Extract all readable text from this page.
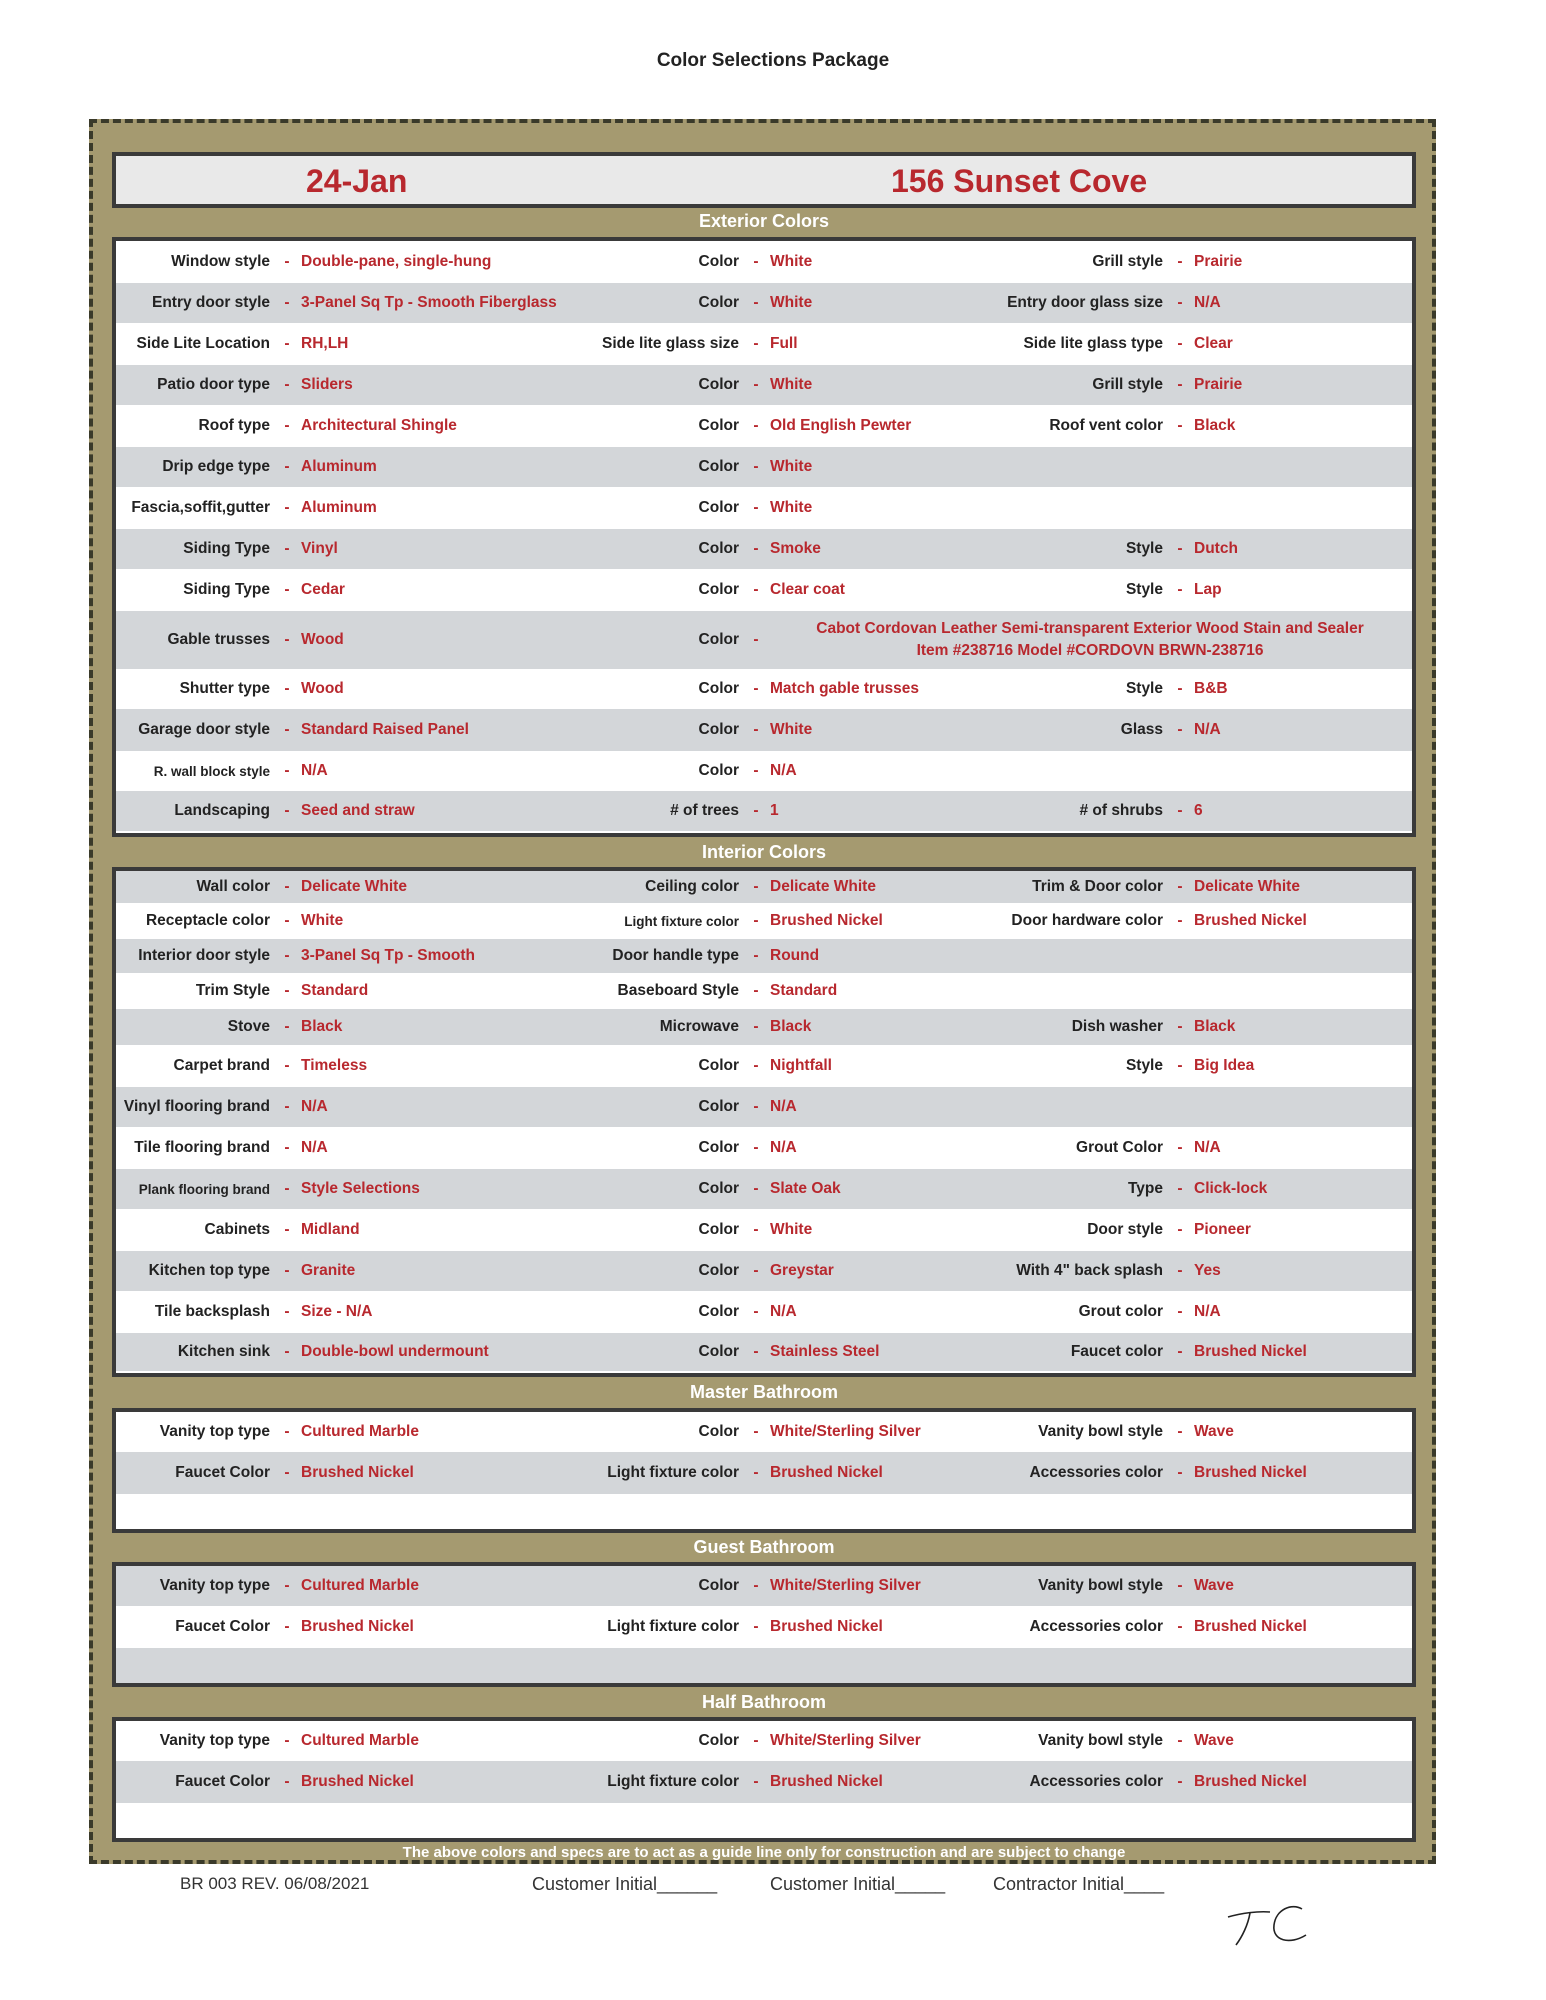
Color Selections Package
24-Jan	156 Sunset Cove
Exterior Colors
Window style - Double-pane, single-hung	Color - White	Grill style - Prairie
Entry door style - 3-Panel Sq Tp - Smooth Fiberglass	Color - White	Entry door glass size - N/A
Side Lite Location - RH,LH	Side lite glass size - Full	Side lite glass type - Clear
Patio door type - Sliders	Color - White	Grill style - Prairie
Roof type - Architectural Shingle	Color - Old English Pewter	Roof vent color - Black
Drip edge type - Aluminum	Color - White
Fascia,soffit,gutter - Aluminum	Color - White
Siding Type - Vinyl	Color - Smoke	Style - Dutch
Siding Type - Cedar	Color - Clear coat	Style - Lap
Gable trusses - Wood	Color -
Cabot Cordovan Leather Semi-transparent Exterior Wood Stain and Sealer
Item #238716 Model #CORDOVN BRWN-238716
Shutter type - Wood	Color - Match gable trusses	Style - B&B
Garage door style - Standard Raised Panel	Color - White	Glass - N/A
R. wall block style - N/A	Color - N/A
Landscaping - Seed and straw	# of trees - 1	# of shrubs - 6
Interior Colors
Wall color - Delicate White	Ceiling color - Delicate White	Trim & Door color - Delicate White
Receptacle color - White	Light fixture color - Brushed Nickel	Door hardware color - Brushed Nickel
Interior door style - 3-Panel Sq Tp - Smooth	Door handle type - Round
Trim Style - Standard	Baseboard Style - Standard
Stove - Black	Microwave - Black	Dish washer - Black
Carpet brand - Timeless	Color - Nightfall	Style - Big Idea
Vinyl flooring brand - N/A	Color - N/A
Tile flooring brand - N/A	Color - N/A	Grout Color - N/A
Plank flooring brand - Style Selections	Color - Slate Oak	Type - Click-lock
Cabinets - Midland	Color - White	Door style - Pioneer
Kitchen top type - Granite	Color - Greystar	With 4" back splash - Yes
Tile backsplash - Size - N/A	Color - N/A	Grout color - N/A
Kitchen sink - Double-bowl undermount	Color - Stainless Steel	Faucet color - Brushed Nickel
Master Bathroom
Vanity top type - Cultured Marble	Color - White/Sterling Silver	Vanity bowl style - Wave
Faucet Color - Brushed Nickel	Light fixture color - Brushed Nickel	Accessories color - Brushed Nickel
Guest Bathroom
Vanity top type - Cultured Marble	Color - White/Sterling Silver	Vanity bowl style - Wave
Faucet Color - Brushed Nickel	Light fixture color - Brushed Nickel	Accessories color - Brushed Nickel
Half Bathroom
Vanity top type - Cultured Marble	Color - White/Sterling Silver	Vanity bowl style - Wave
Faucet Color - Brushed Nickel	Light fixture color - Brushed Nickel	Accessories color - Brushed Nickel
The above colors and specs are to act as a guide line only for construction and are subject to change
BR 003 REV. 06/08/2021	Customer Initial______	Customer Initial_____	Contractor Initial____
